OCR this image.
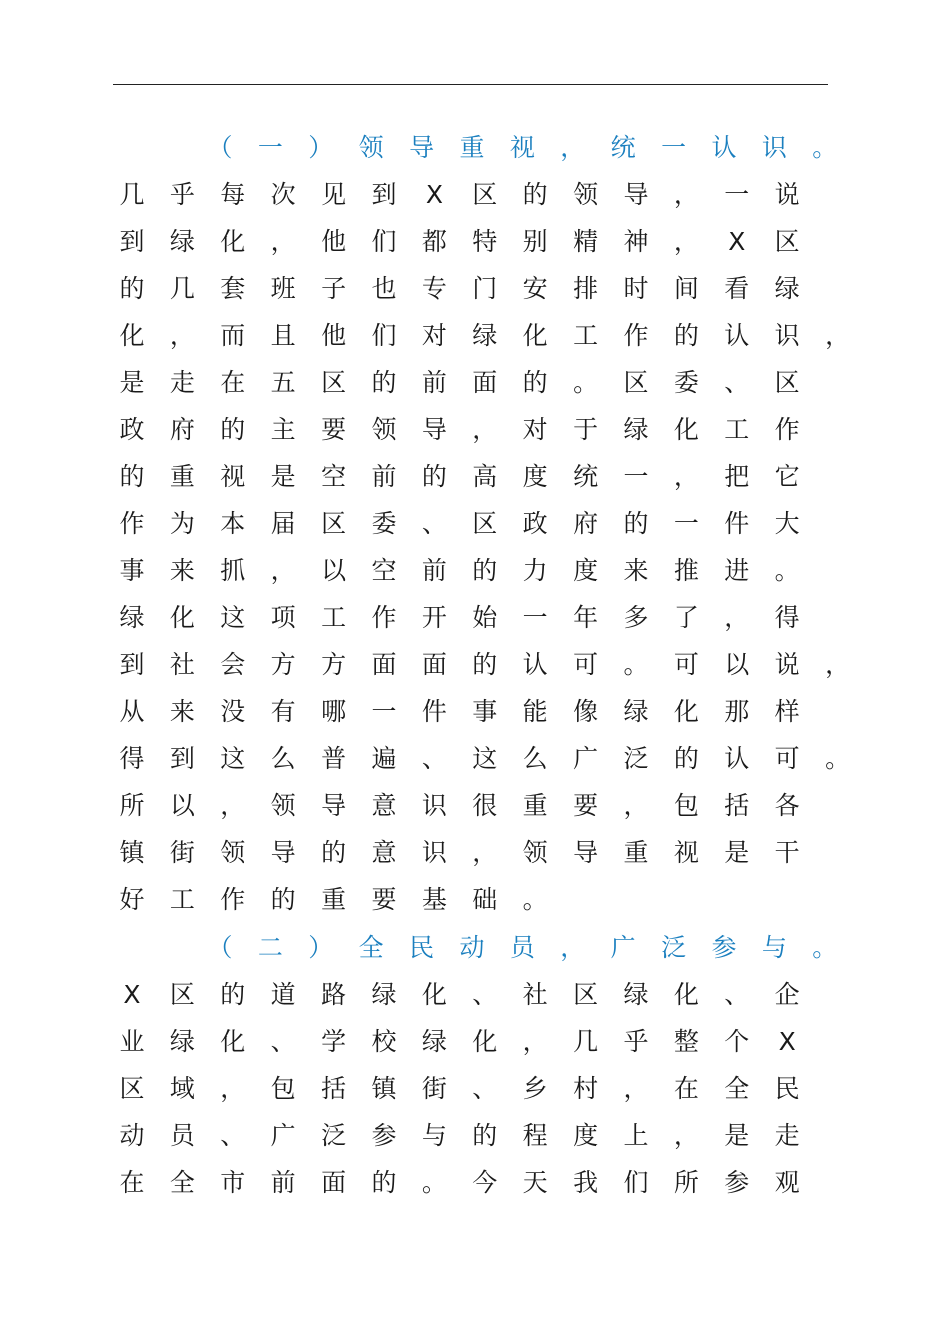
（ 一 ） 领 导 重 视 ， 统 一 认 识 。
几 乎 每 次 见 到	X	区 的 领 导 ， 一 说
到 绿 化 ， 他 们 都 特 别 精 神 ，	X	区
的 几 套 班 子 也 专 门 安 排 时 间 看 绿
化 ， 而 且 他 们 对 绿 化 工 作 的 认 识 ，
是 走 在 五 区 的 前 面 的 。 区 委 、 区
政 府 的 主 要 领 导 ， 对 于 绿 化 工 作
的 重 视 是 空 前 的 高 度 统 一 ， 把 它
作 为 本 届 区 委 、 区 政 府 的 一 件 大
事 来 抓 ， 以 空 前 的 力 度 来 推 进 。
绿 化 这 项 工 作 开 始 一 年 多 了 ， 得
到 社 会 方 方 面 面 的 认 可 。 可 以 说 ，
从 来 没 有 哪 一 件 事 能 像 绿 化 那 样
得 到 这 么 普 遍 、 这 么 广 泛 的 认 可 。
所 以 ， 领 导 意 识 很 重 要 ， 包 括 各
镇 街 领 导 的 意 识 ， 领 导 重 视 是 干
好 工 作 的 重 要 基 础 。
（ 二 ） 全 民 动 员 ， 广 泛 参 与 。
X	区 的 道 路 绿 化 、 社 区 绿 化 、 企
业 绿 化 、 学 校 绿 化 ， 几 乎 整 个	X
区 域 ， 包 括 镇 街 、 乡 村 ， 在 全 民
动 员 、 广 泛 参 与 的 程 度 上 ， 是 走
在 全 市 前 面 的 。 今 天 我 们 所 参 观
